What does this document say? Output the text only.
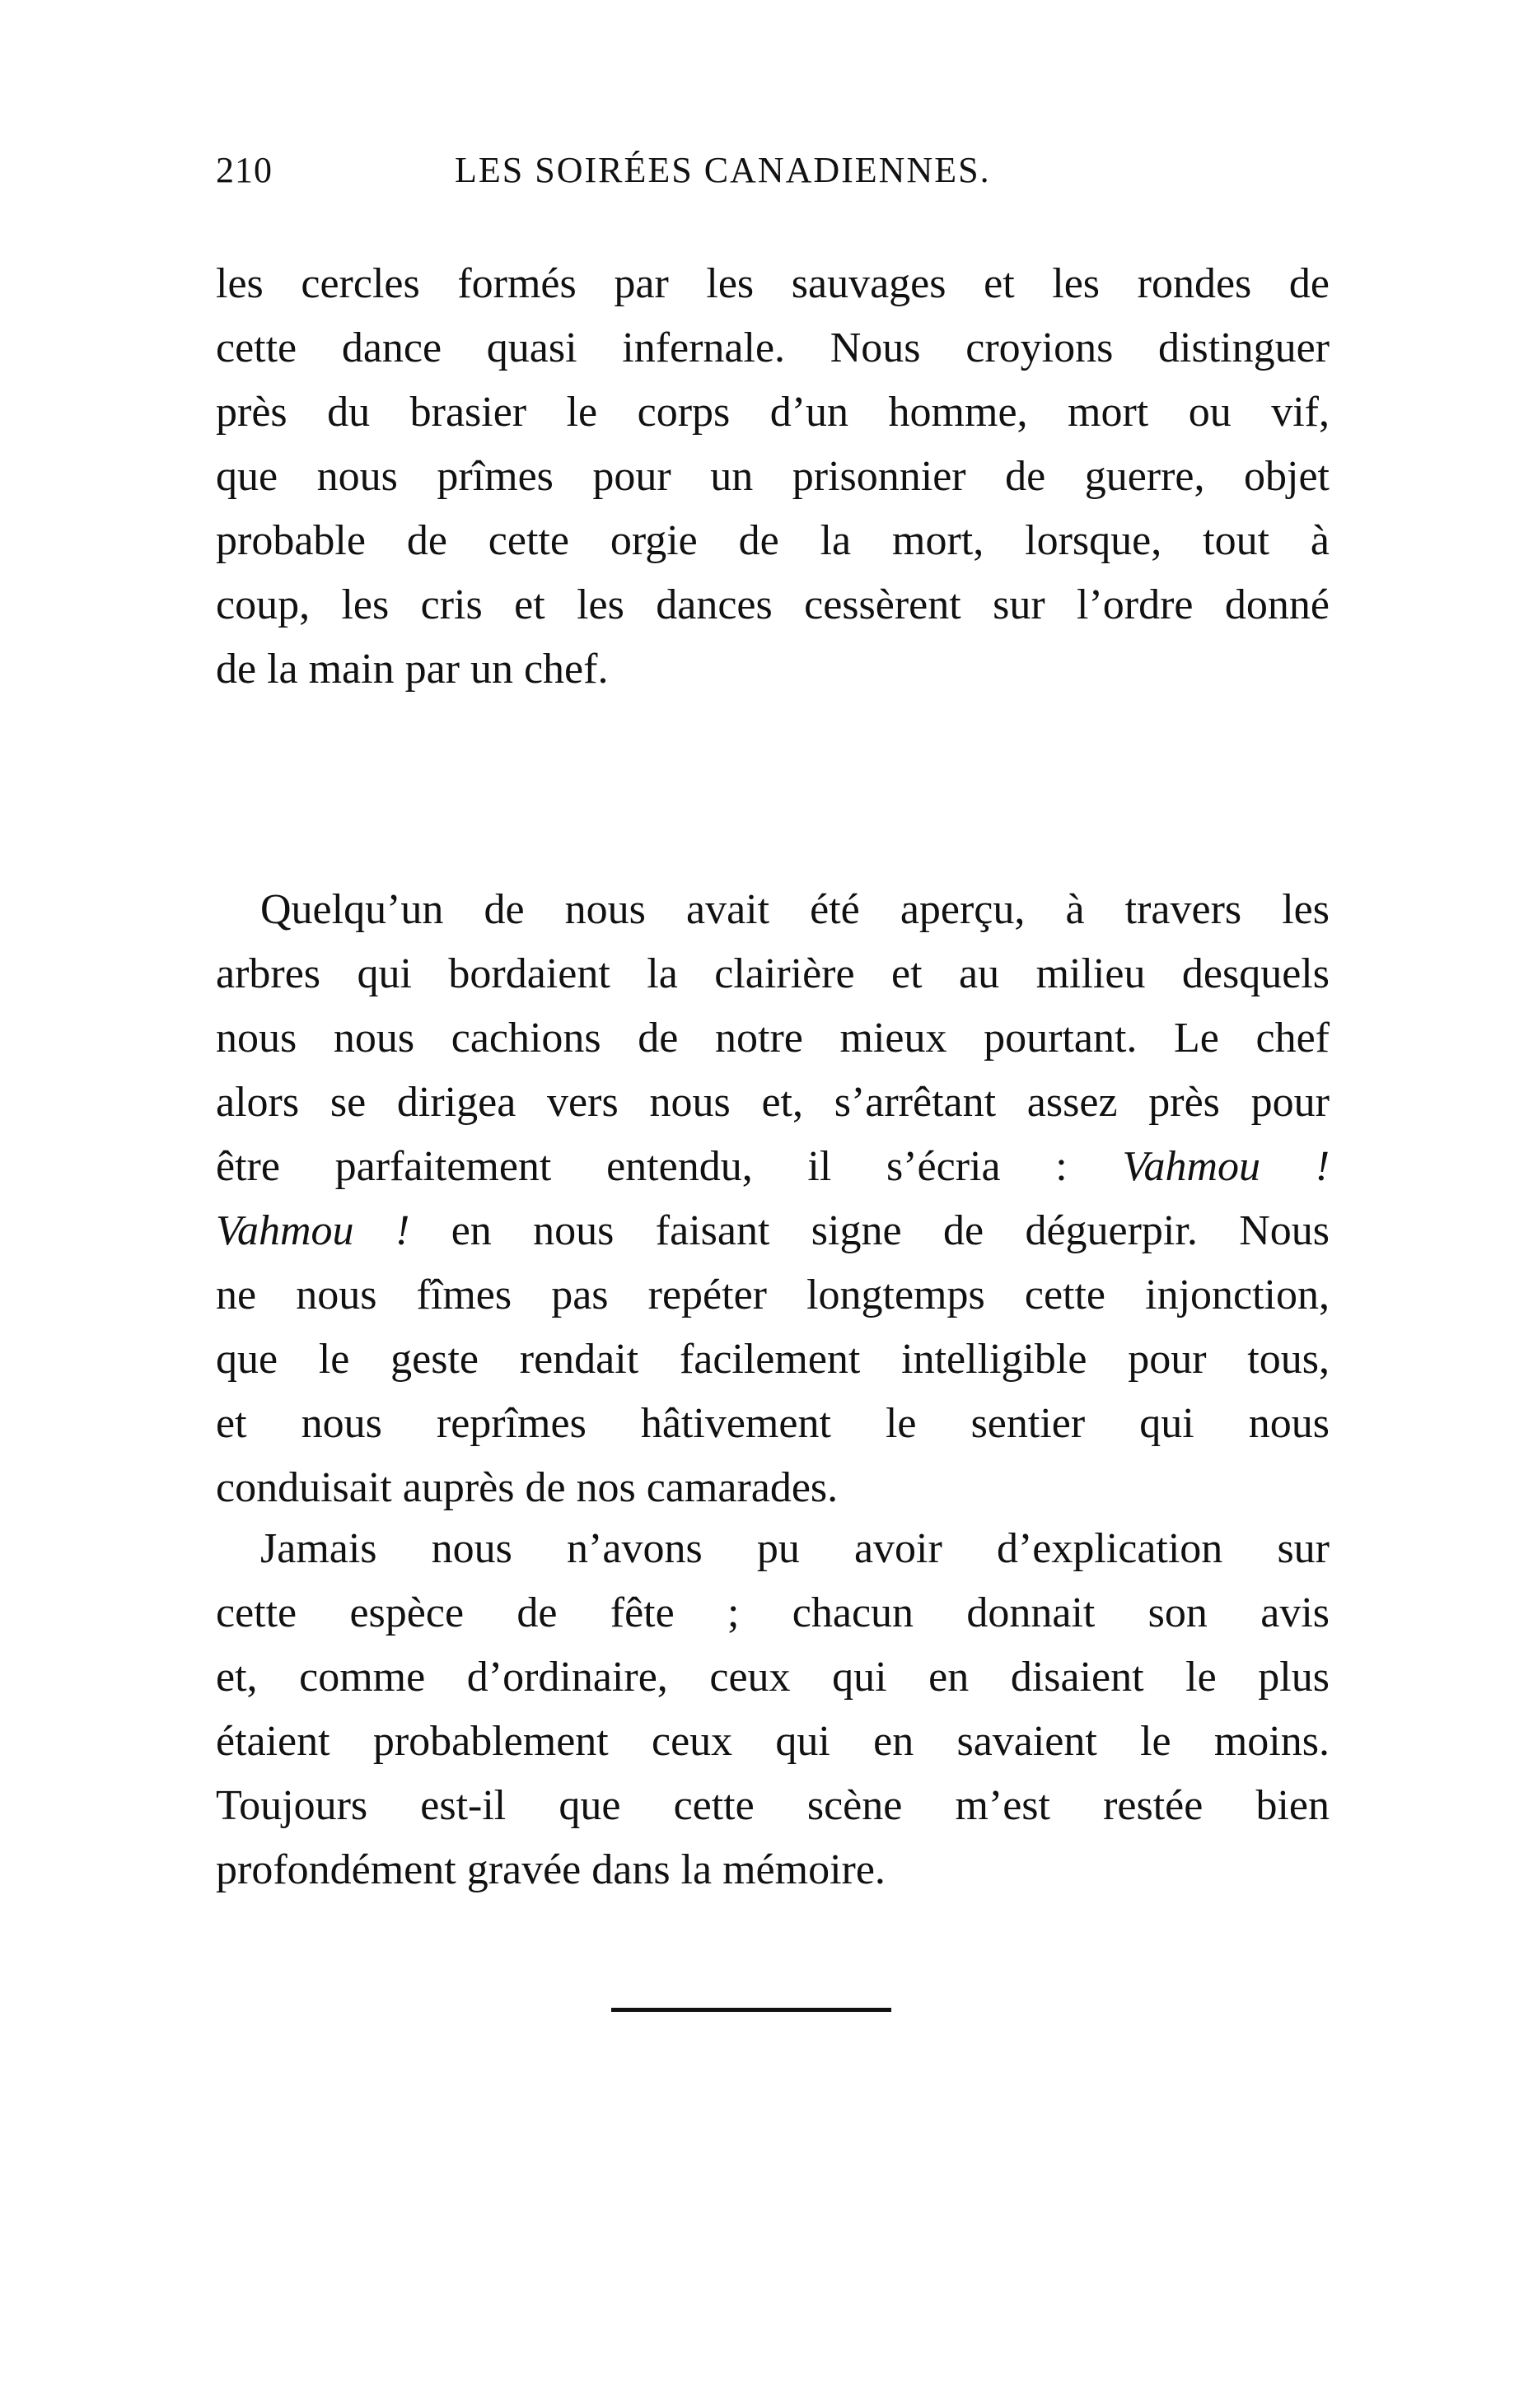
210	LES SOIRÉES CANADIENNES.
les cercles formés par les sauvages et les rondes de
cette dance quasi infernale. Nous croyions distinguer
près du brasier le corps d’un homme, mort ou vif,
que nous prîmes pour un prisonnier de guerre, objet
probable de cette orgie de la mort, lorsque, tout à
coup, les cris et les dances cessèrent sur l’ordre donné
de la main par un chef.
Quelqu’un de nous avait été aperçu, à travers les
arbres qui bordaient la clairière et au milieu desquels
nous nous cachions de notre mieux pourtant. Le chef
alors se dirigea vers nous et, s’arrêtant assez près pour
être parfaitement entendu, il s’écria : Vahmou !
Vahmou ! en nous faisant signe de déguerpir. Nous
ne nous fîmes pas repéter longtemps cette injonction,
que le geste rendait facilement intelligible pour tous,
et nous reprîmes hâtivement le sentier qui nous
conduisait auprès de nos camarades.
Jamais nous n’avons pu avoir d’explication sur
cette espèce de fête ; chacun donnait son avis
et, comme d’ordinaire, ceux qui en disaient le plus
étaient probablement ceux qui en savaient le moins.
Toujours est-il que cette scène m’est restée bien
profondément gravée dans la mémoire.
